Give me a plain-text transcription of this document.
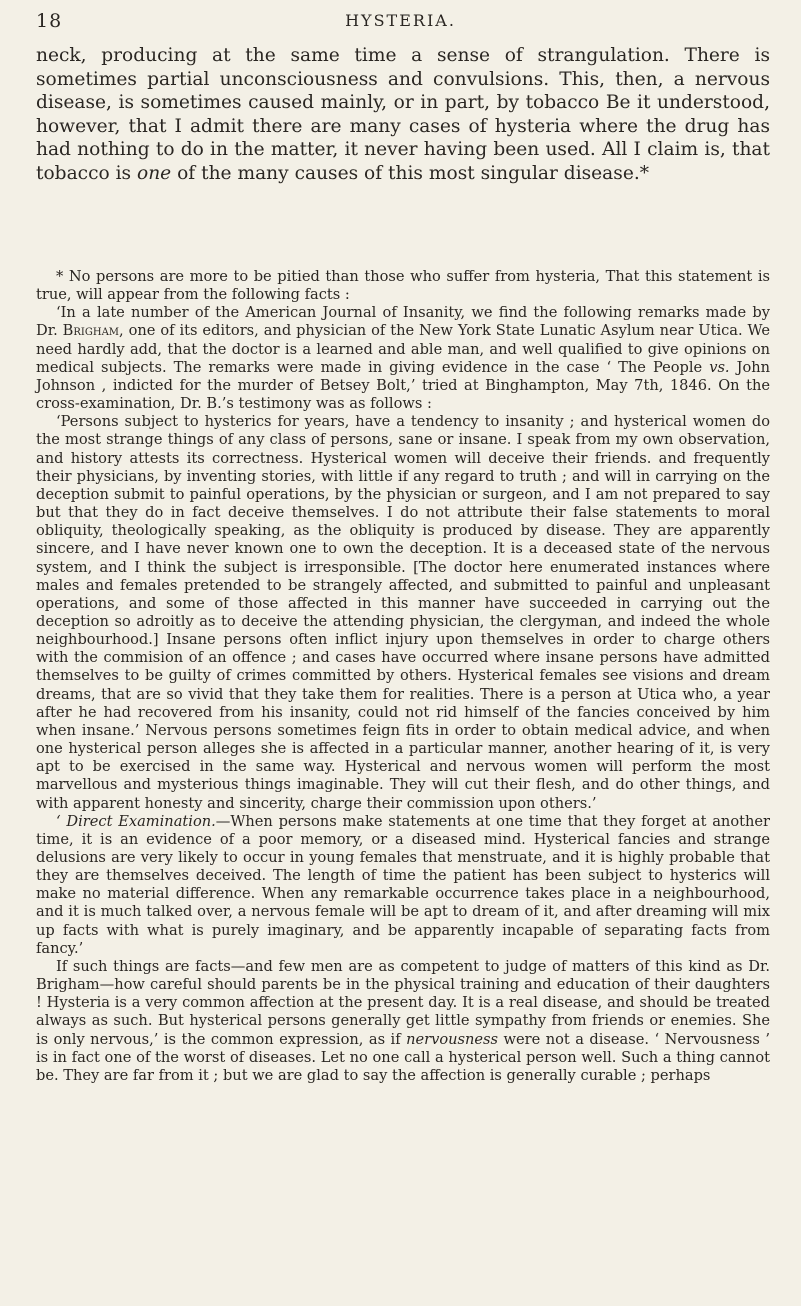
18	HYSTERIA.

neck, producing at the same time a sense of strangulation. There is sometimes partial unconsciousness and convulsions. This, then, a nervous disease, is sometimes caused mainly, or in part, by tobacco Be it understood, however, that I admit there are many cases of hysteria where the drug has had nothing to do in the matter, it never having been used. All I claim is, that tobacco is one of the many causes of this most singular disease.*

* No persons are more to be pitied than those who suffer from hysteria, That this statement is true, will appear from the following facts :

‘In a late number of the American Journal of Insanity, we find the following remarks made by Dr. Brigham, one of its editors, and physician of the New York State Lunatic Asylum near Utica. We need hardly add, that the doctor is a learned and able man, and well qualified to give opinions on medical subjects. The remarks were made in giving evidence in the case ‘ The People vs. John Johnson , indicted for the murder of Betsey Bolt,’ tried at Binghampton, May 7th, 1846. On the cross-examination, Dr. B.’s testimony was as follows :

‘Persons subject to hysterics for years, have a tendency to insanity ; and hysterical women do the most strange things of any class of persons, sane or insane. I speak from my own observation, and history attests its correctness. Hysterical women will deceive their friends. and frequently their physicians, by inventing stories, with little if any regard to truth ; and will in carrying on the deception submit to painful operations, by the physician or surgeon, and I am not prepared to say but that they do in fact deceive themselves. I do not attribute their false statements to moral obliquity, theologically speaking, as the obliquity is produced by disease. They are apparently sincere, and I have never known one to own the deception. It is a deceased state of the nervous system, and I think the subject is irresponsible. [The doctor here enumerated instances where males and females pretended to be strangely affected, and submitted to painful and unpleasant operations, and some of those affected in this manner have succeeded in carrying out the deception so adroitly as to deceive the attending physician, the clergyman, and indeed the whole neighbourhood.] Insane persons often inflict injury upon themselves in order to charge others with the commision of an offence ; and cases have occurred where insane persons have admitted themselves to be guilty of crimes committed by others. Hysterical females see visions and dream dreams, that are so vivid that they take them for realities. There is a person at Utica who, a year after he had recovered from his insanity, could not rid himself of the fancies conceived by him when insane.’ Nervous persons sometimes feign fits in order to obtain medical advice, and when one hysterical person alleges she is affected in a particular manner, another hearing of it, is very apt to be exercised in the same way. Hysterical and nervous women will perform the most marvellous and mysterious things imaginable. They will cut their flesh, and do other things, and with apparent honesty and sincerity, charge their commission upon others.’

‘ Direct Examination.—When persons make statements at one time that they forget at another time, it is an evidence of a poor memory, or a diseased mind. Hysterical fancies and strange delusions are very likely to occur in young females that menstruate, and it is highly probable that they are themselves deceived. The length of time the patient has been subject to hysterics will make no material difference. When any remarkable occurrence takes place in a neighbourhood, and it is much talked over, a nervous female will be apt to dream of it, and after dreaming will mix up facts with what is purely imaginary, and be apparently incapable of separating facts from fancy.’

If such things are facts—and few men are as competent to judge of matters of this kind as Dr. Brigham—how careful should parents be in the physical training and education of their daughters ! Hysteria is a very common affection at the present day. It is a real disease, and should be treated always as such. But hysterical persons generally get little sympathy from friends or enemies. She is only nervous,’ is the common expression, as if nervousness were not a disease. ‘ Nervousness ’ is in fact one of the worst of diseases. Let no one call a hysterical person well. Such a thing cannot be. They are far from it ; but we are glad to say the affection is generally curable ; perhaps
